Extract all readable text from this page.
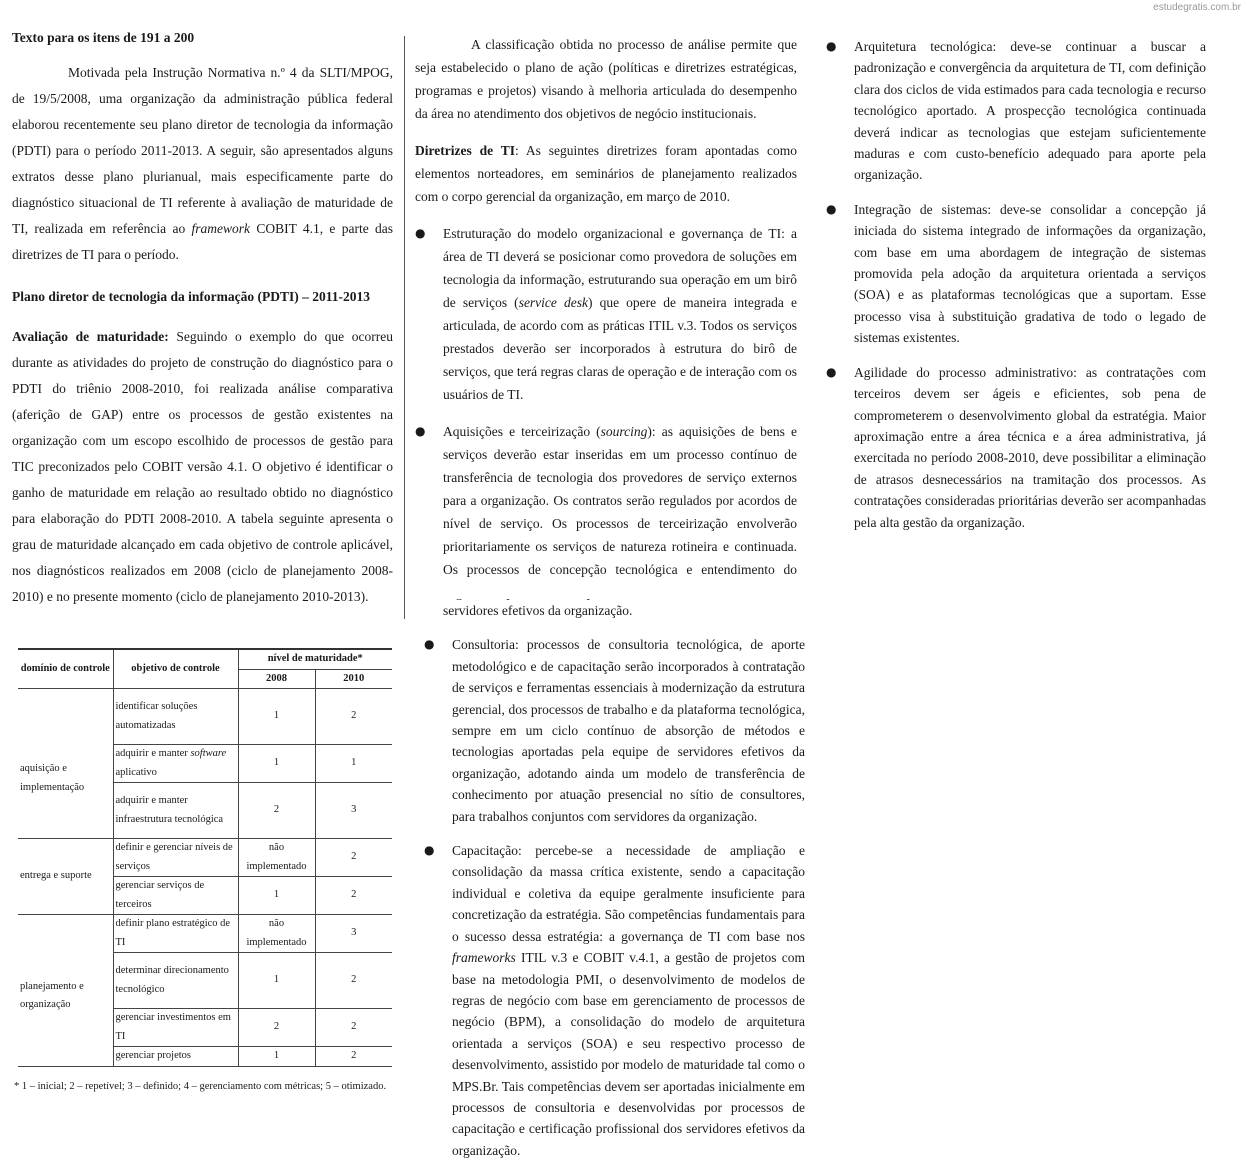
estudegratis.com.br

Texto para os itens de 191 a 200

Motivada pela Instrução Normativa n.º 4 da SLTI/MPOG, de 19/5/2008, uma organização da administração pública federal elaborou recentemente seu plano diretor de tecnologia da informação (PDTI) para o período 2011-2013. A seguir, são apresentados alguns extratos desse plano plurianual, mais especificamente parte do diagnóstico situacional de TI referente à avaliação de maturidade de TI, realizada em referência ao framework COBIT 4.1, e parte das diretrizes de TI para o período.

Plano diretor de tecnologia da informação (PDTI) – 2011-2013

Avaliação de maturidade: Seguindo o exemplo do que ocorreu durante as atividades do projeto de construção do diagnóstico para o PDTI do triênio 2008-2010, foi realizada análise comparativa (aferição de GAP) entre os processos de gestão existentes na organização com um escopo escolhido de processos de gestão para TIC preconizados pelo COBIT versão 4.1. O objetivo é identificar o ganho de maturidade em relação ao resultado obtido no diagnóstico para elaboração do PDTI 2008-2010. A tabela seguinte apresenta o grau de maturidade alcançado em cada objetivo de controle aplicável, nos diagnósticos realizados em 2008 (ciclo de planejamento 2008-2010) e no presente momento (ciclo de planejamento 2010-2013).

domínio de controle	objetivo de controle	nível de maturidade*	
		2008	2010
aquisição e implementação	identificar soluções automatizadas	1	2
	adquirir e manter software aplicativo	1	1
	adquirir e manter infraestrutura tecnológica	2	3
entrega e suporte	definir e gerenciar níveis de serviços	não implementado	2
	gerenciar serviços de terceiros	1	2
planejamento e organização	definir plano estratégico de TI	não implementado	3
	determinar direcionamento tecnológico	1	2
	gerenciar investimentos em TI	2	2
	gerenciar projetos	1	2

* 1 – inicial; 2 – repetível; 3 – definido; 4 – gerenciamento com métricas; 5 – otimizado.

A classificação obtida no processo de análise permite que seja estabelecido o plano de ação (políticas e diretrizes estratégicas, programas e projetos) visando à melhoria articulada do desempenho da área no atendimento dos objetivos de negócio institucionais.

Diretrizes de TI: As seguintes diretrizes foram apontadas como elementos norteadores, em seminários de planejamento realizados com o corpo gerencial da organização, em março de 2010.

● Estruturação do modelo organizacional e governança de TI: a área de TI deverá se posicionar como provedora de soluções em tecnologia da informação, estruturando sua operação em um birô de serviços (service desk) que opere de maneira integrada e articulada, de acordo com as práticas ITIL v.3. Todos os serviços prestados deverão ser incorporados à estrutura do birô de serviços, que terá regras claras de operação e de interação com os usuários de TI.

● Aquisições e terceirização (sourcing): as aquisições de bens e serviços deverão estar inseridas em um processo contínuo de transferência de tecnologia dos provedores de serviço externos para a organização. Os contratos serão regulados por acordos de nível de serviço. Os processos de terceirização envolverão prioritariamente os serviços de natureza rotineira e continuada. Os processos de concepção tecnológica e entendimento do

servidores efetivos da organização.

● Consultoria: processos de consultoria tecnológica, de aporte metodológico e de capacitação serão incorporados à contratação de serviços e ferramentas essenciais à modernização da estrutura gerencial, dos processos de trabalho e da plataforma tecnológica, sempre em um ciclo contínuo de absorção de métodos e tecnologias aportadas pela equipe de servidores efetivos da organização, adotando ainda um modelo de transferência de conhecimento por atuação presencial no sítio de consultores, para trabalhos conjuntos com servidores da organização.

● Capacitação: percebe-se a necessidade de ampliação e consolidação da massa crítica existente, sendo a capacitação individual e coletiva da equipe geralmente insuficiente para concretização da estratégia. São competências fundamentais para o sucesso dessa estratégia: a governança de TI com base nos frameworks ITIL v.3 e COBIT v.4.1, a gestão de projetos com base na metodologia PMI, o desenvolvimento de modelos de regras de negócio com base em gerenciamento de processos de negócio (BPM), a consolidação do modelo de arquitetura orientada a serviços (SOA) e seu respectivo processo de desenvolvimento, assistido por modelo de maturidade tal como o MPS.Br. Tais competências devem ser aportadas inicialmente em processos de consultoria e desenvolvidas por processos de capacitação e certificação profissional dos servidores efetivos da organização.

● Arquitetura tecnológica: deve-se continuar a buscar a padronização e convergência da arquitetura de TI, com definição clara dos ciclos de vida estimados para cada tecnologia e recurso tecnológico aportado. A prospecção tecnológica continuada deverá indicar as tecnologias que estejam suficientemente maduras e com custo-benefício adequado para aporte pela organização.

● Integração de sistemas: deve-se consolidar a concepção já iniciada do sistema integrado de informações da organização, com base em uma abordagem de integração de sistemas promovida pela adoção da arquitetura orientada a serviços (SOA) e as plataformas tecnológicas que a suportam. Esse processo visa à substituição gradativa de todo o legado de sistemas existentes.

● Agilidade do processo administrativo: as contratações com terceiros devem ser ágeis e eficientes, sob pena de comprometerem o desenvolvimento global da estratégia. Maior aproximação entre a área técnica e a área administrativa, já exercitada no período 2008-2010, deve possibilitar a eliminação de atrasos desnecessários na tramitação dos processos. As contratações consideradas prioritárias deverão ser acompanhadas pela alta gestão da organização.
